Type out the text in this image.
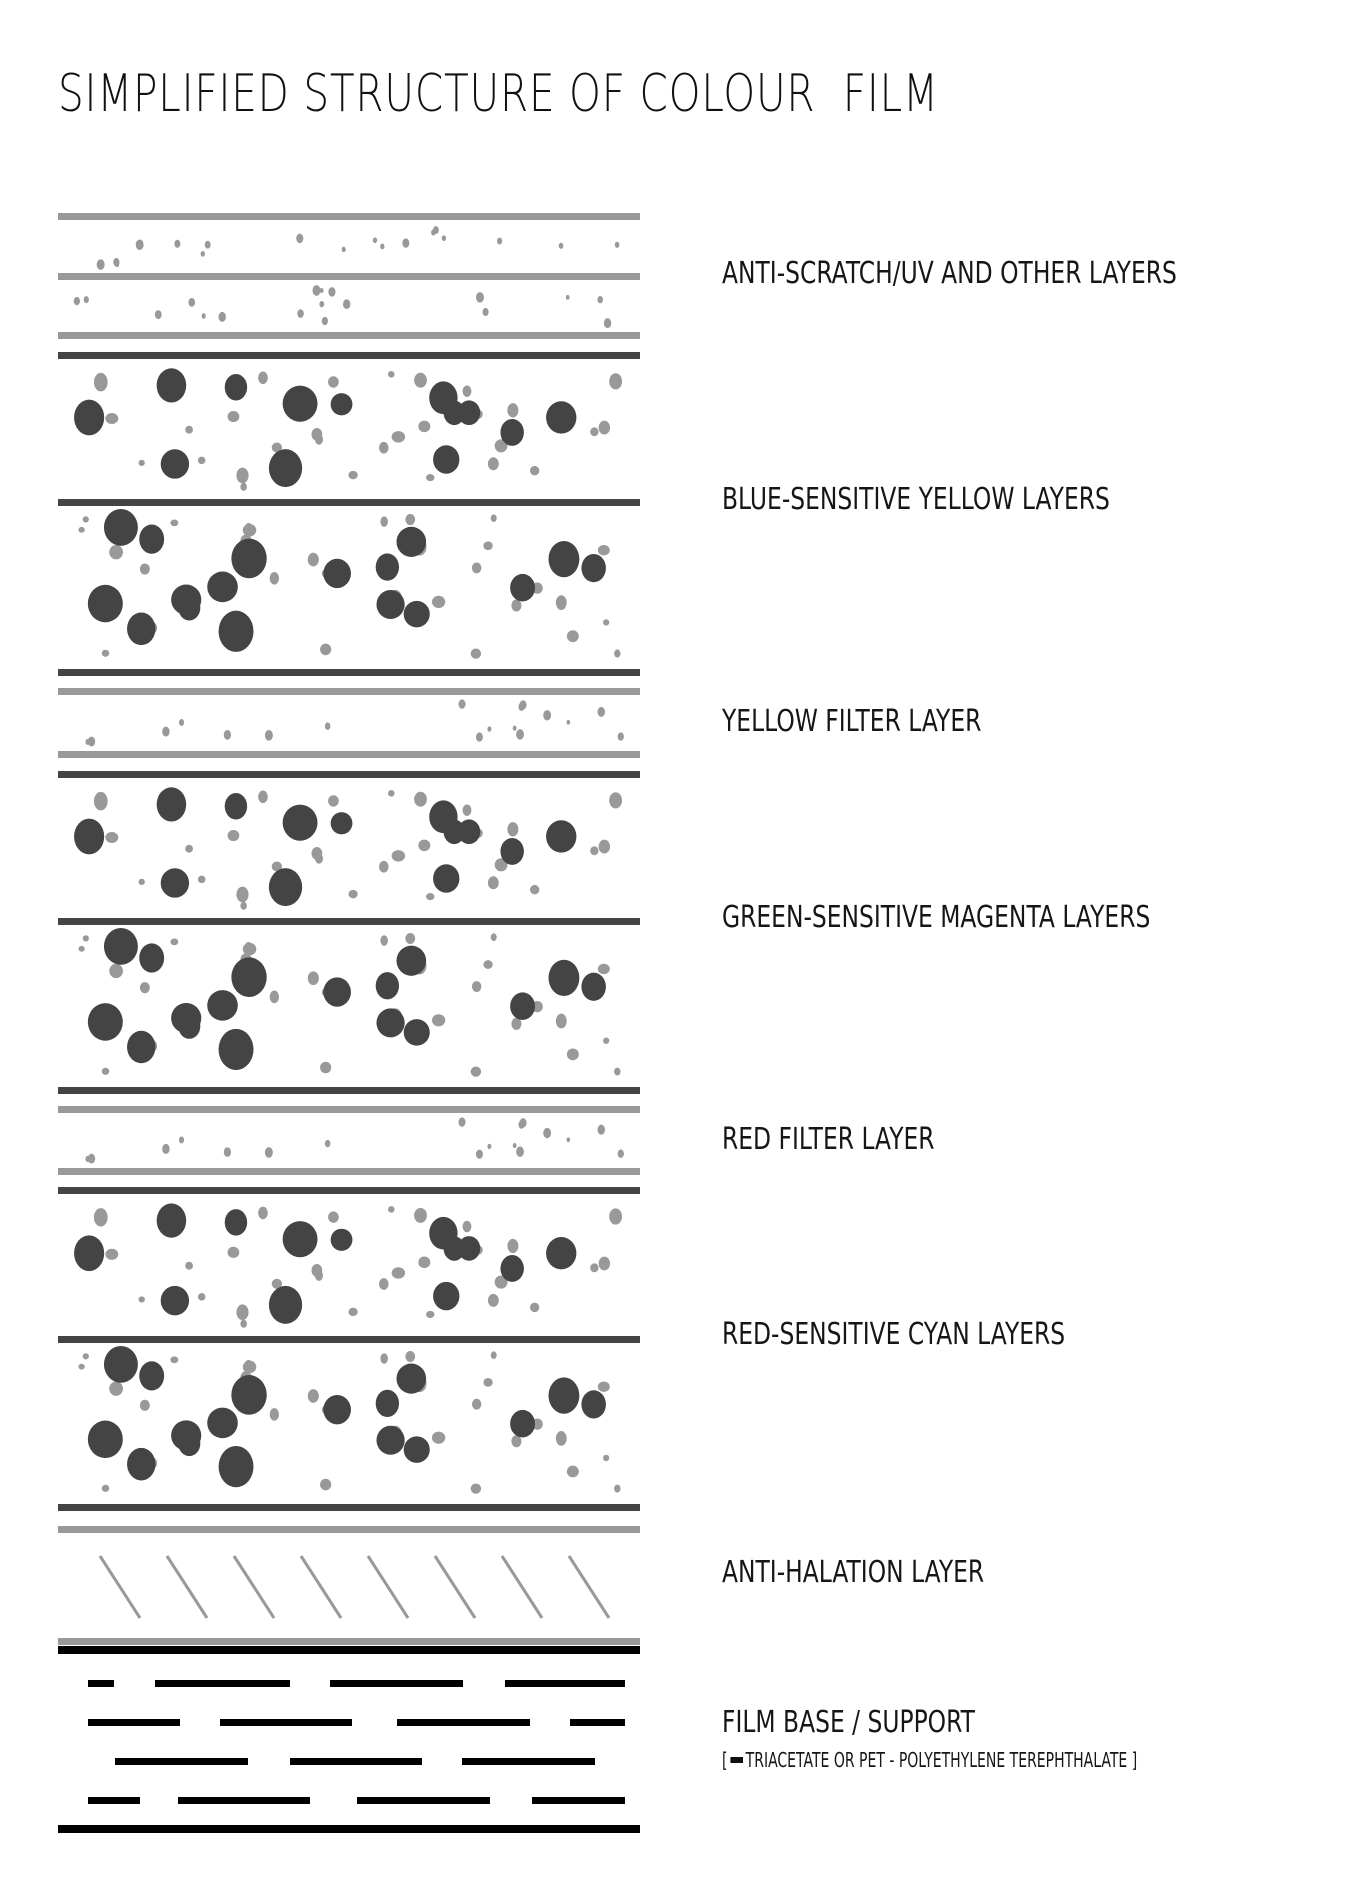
SIMPLIFIED STRUCTURE OF COLOUR  FILM
ANTI-SCRATCH/UV AND OTHER LAYERS
BLUE-SENSITIVE YELLOW LAYERS
YELLOW FILTER LAYER
GREEN-SENSITIVE MAGENTA LAYERS
RED FILTER LAYER
RED-SENSITIVE CYAN LAYERS
ANTI-HALATION LAYER
FILM BASE / SUPPORT
[ TRIACETATE OR PET - POLYETHYLENE TEREPHTHALATE ]
